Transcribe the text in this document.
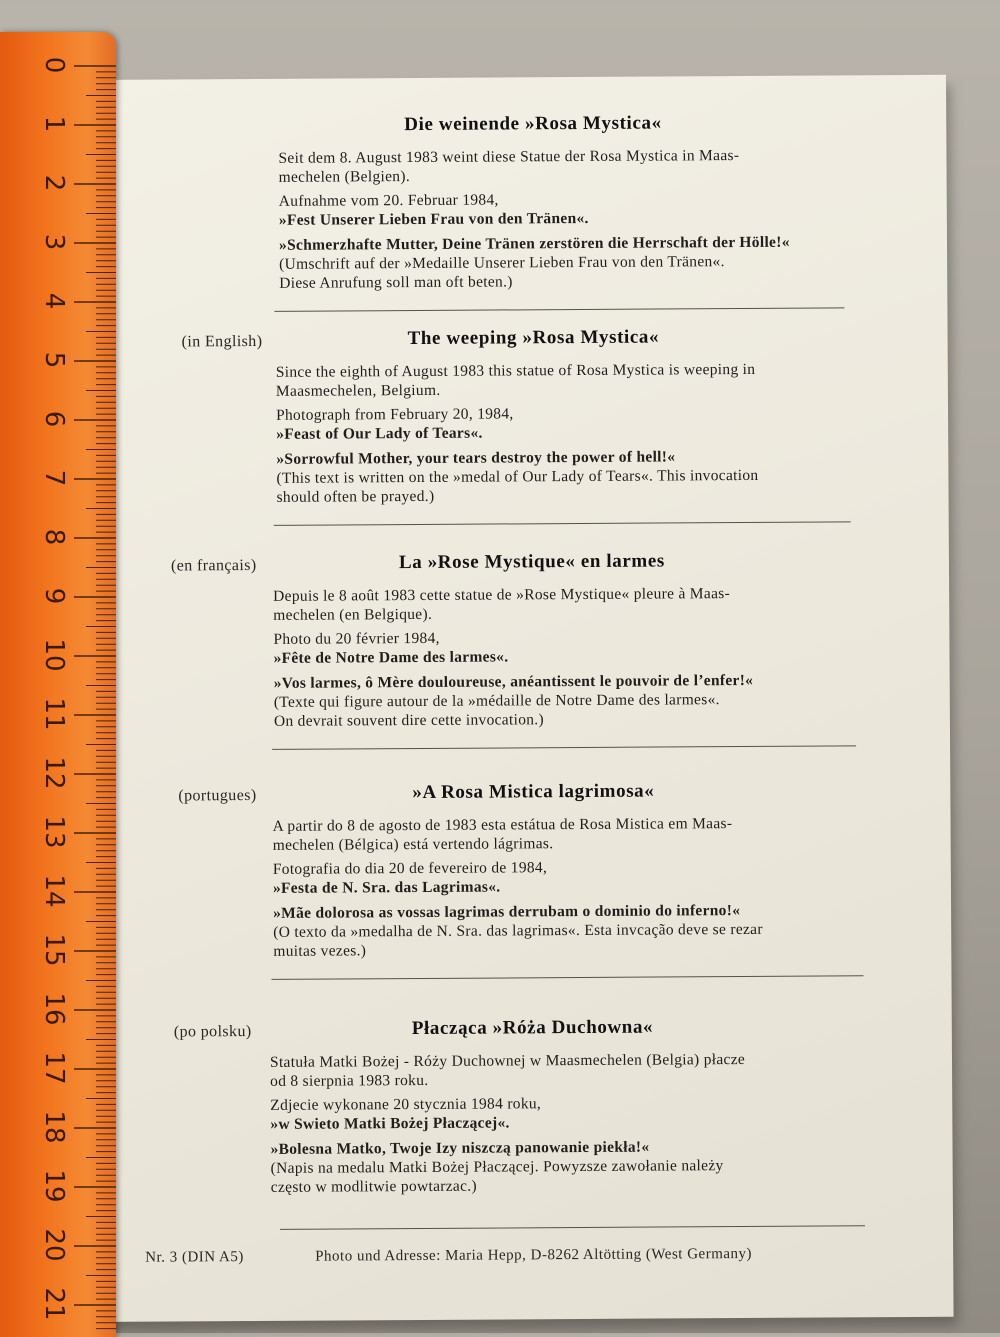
Die weinende »Rosa Mystica«
Seit dem 8. August 1983 weint diese Statue der Rosa Mystica in Maas-
mechelen (Belgien).
Aufnahme vom 20. Februar 1984,
»Fest Unserer Lieben Frau von den Tränen«.
»Schmerzhafte Mutter, Deine Tränen zerstören die Herrschaft der Hölle!«
(Umschrift auf der »Medaille Unserer Lieben Frau von den Tränen«.
Diese Anrufung soll man oft beten.)
(in English)	The weeping »Rosa Mystica«
Since the eighth of August 1983 this statue of Rosa Mystica is weeping in
Maasmechelen, Belgium.
Photograph from February 20, 1984,
»Feast of Our Lady of Tears«.
»Sorrowful Mother, your tears destroy the power of hell!«
(This text is written on the »medal of Our Lady of Tears«. This invocation
should often be prayed.)
(en français)	La »Rose Mystique« en larmes
Depuis le 8 août 1983 cette statue de »Rose Mystique« pleure à Maas-
mechelen (en Belgique).
Photo du 20 février 1984,
»Fête de Notre Dame des larmes«.
»Vos larmes, ô Mère douloureuse, anéantissent le pouvoir de l’enfer!«
(Texte qui figure autour de la »médaille de Notre Dame des larmes«.
On devrait souvent dire cette invocation.)
(portugues)	»A Rosa Mistica lagrimosa«
A partir do 8 de agosto de 1983 esta estátua de Rosa Mistica em Maas-
mechelen (Bélgica) está vertendo lágrimas.
Fotografia do dia 20 de fevereiro de 1984,
»Festa de N. Sra. das Lagrimas«.
»Mãe dolorosa as vossas lagrimas derrubam o dominio do inferno!«
(O texto da »medalha de N. Sra. das lagrimas«. Esta invcação deve se rezar
muitas vezes.)
(po polsku)	Płacząca »Róża Duchowna«
Statuła Matki Bożej - Róży Duchownej w Maasmechelen (Belgia) płacze
od 8 sierpnia 1983 roku.
Zdjecie wykonane 20 stycznia 1984 roku,
»w Swieto Matki Bożej Płaczącej«.
»Bolesna Matko, Twoje Izy niszczą panowanie piekła!«
(Napis na medalu Matki Bożej Płaczącej. Powyzsze zawołanie należy
często w modlitwie powtarzac.)
Nr. 3 (DIN A5)	Photo und Adresse: Maria Hepp, D-8262 Altötting (West Germany)
0
1
2
3
4
5
6
7
8
9
10
11
12
13
14
15
16
17
18
19
20
21
